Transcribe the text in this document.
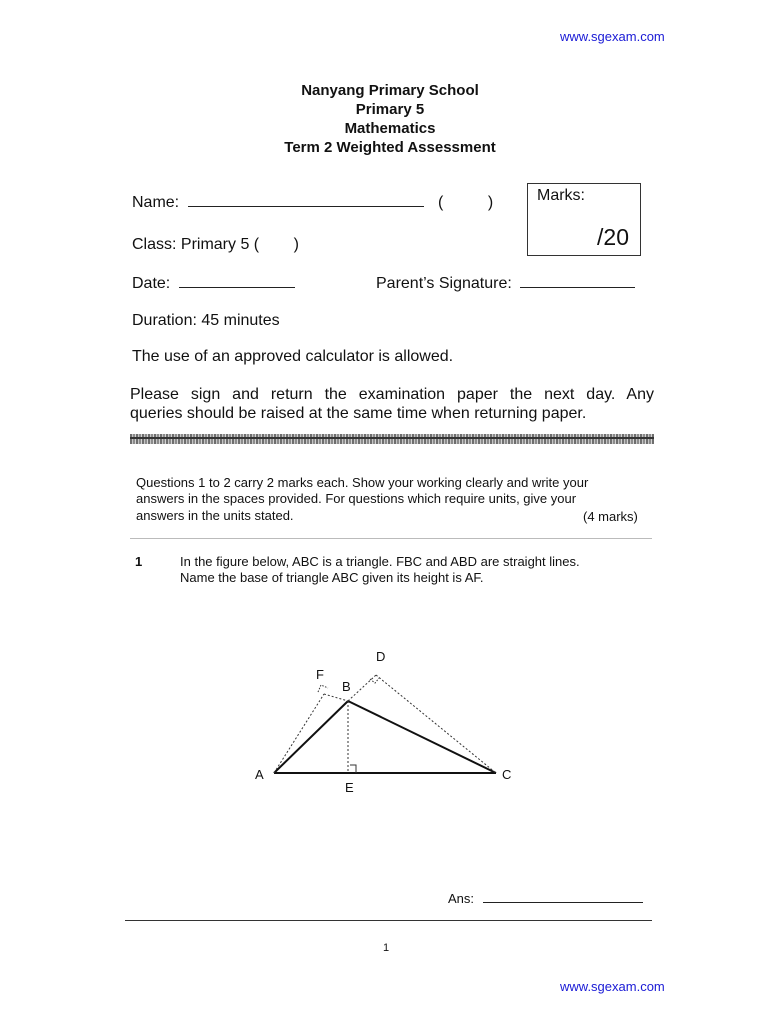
www.sgexam.com
Nanyang Primary School
Primary 5
Mathematics
Term 2 Weighted Assessment
Name:	(	)	Marks:
/20
Class: Primary 5 ( )
Date:	Parent’s Signature:
Duration: 45 minutes
The use of an approved calculator is allowed.
Please sign and return the examination paper the next day. Any
queries should be raised at the same time when returning paper.
Questions 1 to 2 carry 2 marks each. Show your working clearly and write your
answers in the spaces provided. For questions which require units, give your
answers in the units stated.	(4 marks)
1	In the figure below, ABC is a triangle. FBC and ABD are straight lines.
Name the base of triangle ABC given its height is AF.
A
B
C
D
E
F
Ans:
1
www.sgexam.com
